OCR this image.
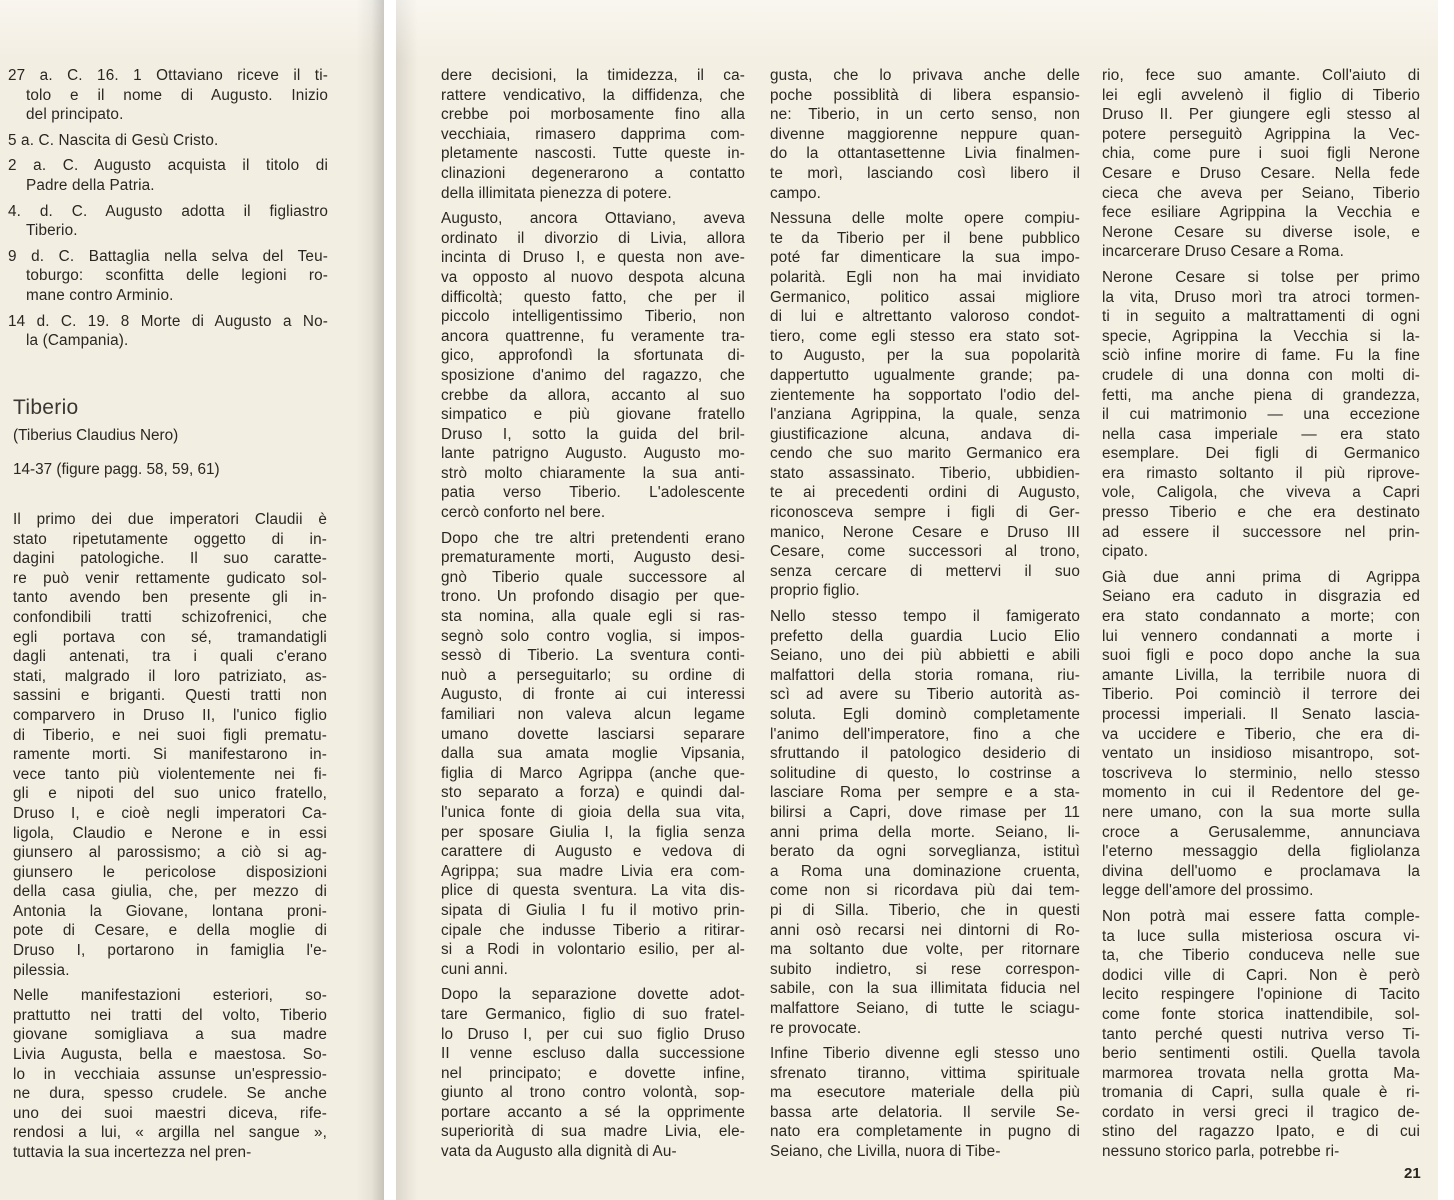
27 a. C. 16. 1 Ottaviano riceve il ti-
tolo e il nome di Augusto. Inizio
del principato.

5 a. C. Nascita di Gesù Cristo.

2 a. C. Augusto acquista il titolo di
Padre della Patria.

4. d. C. Augusto adotta il figliastro
Tiberio.

9 d. C. Battaglia nella selva del Teu-
toburgo: sconfitta delle legioni ro-
mane contro Arminio.

14 d. C. 19. 8 Morte di Augusto a No-
la (Campania).

Tiberio

(Tiberius Claudius Nero)

14-37 (figure pagg. 58, 59, 61)

Il primo dei due imperatori Claudii è
stato ripetutamente oggetto di in-
dagini patologiche. Il suo caratte-
re può venir rettamente gudicato sol-
tanto avendo ben presente gli in-
confondibili tratti schizofrenici, che
egli portava con sé, tramandatigli
dagli antenati, tra i quali c'erano
stati, malgrado il loro patriziato, as-
sassini e briganti. Questi tratti non
comparvero in Druso II, l'unico figlio
di Tiberio, e nei suoi figli prematu-
ramente morti. Si manifestarono in-
vece tanto più violentemente nei fi-
gli e nipoti del suo unico fratello,
Druso I, e cioè negli imperatori Ca-
ligola, Claudio e Nerone e in essi
giunsero al parossismo; a ciò si ag-
giunsero le pericolose disposizioni
della casa giulia, che, per mezzo di
Antonia la Giovane, lontana proni-
pote di Cesare, e della moglie di
Druso I, portarono in famiglia l'e-
pilessia.

Nelle manifestazioni esteriori, so-
prattutto nei tratti del volto, Tiberio
giovane somigliava a sua madre
Livia Augusta, bella e maestosa. So-
lo in vecchiaia assunse un'espressio-
ne dura, spesso crudele. Se anche
uno dei suoi maestri diceva, rife-
rendosi a lui, « argilla nel sangue »,
tuttavia la sua incertezza nel pren-

dere decisioni, la timidezza, il ca-
rattere vendicativo, la diffidenza, che
crebbe poi morbosamente fino alla
vecchiaia, rimasero dapprima com-
pletamente nascosti. Tutte queste in-
clinazioni degenerarono a contatto
della illimitata pienezza di potere.

Augusto, ancora Ottaviano, aveva
ordinato il divorzio di Livia, allora
incinta di Druso I, e questa non ave-
va opposto al nuovo despota alcuna
difficoltà; questo fatto, che per il
piccolo intelligentissimo Tiberio, non
ancora quattrenne, fu veramente tra-
gico, approfondì la sfortunata di-
sposizione d'animo del ragazzo, che
crebbe da allora, accanto al suo
simpatico e più giovane fratello
Druso I, sotto la guida del bril-
lante patrigno Augusto. Augusto mo-
strò molto chiaramente la sua anti-
patia verso Tiberio. L'adolescente
cercò conforto nel bere.

Dopo che tre altri pretendenti erano
prematuramente morti, Augusto desi-
gnò Tiberio quale successore al
trono. Un profondo disagio per que-
sta nomina, alla quale egli si ras-
segnò solo contro voglia, si impos-
sessò di Tiberio. La sventura conti-
nuò a perseguitarlo; su ordine di
Augusto, di fronte ai cui interessi
familiari non valeva alcun legame
umano dovette lasciarsi separare
dalla sua amata moglie Vipsania,
figlia di Marco Agrippa (anche que-
sto separato a forza) e quindi dal-
l'unica fonte di gioia della sua vita,
per sposare Giulia I, la figlia senza
carattere di Augusto e vedova di
Agrippa; sua madre Livia era com-
plice di questa sventura. La vita dis-
sipata di Giulia I fu il motivo prin-
cipale che indusse Tiberio a ritirar-
si a Rodi in volontario esilio, per al-
cuni anni.

Dopo la separazione dovette adot-
tare Germanico, figlio di suo fratel-
lo Druso I, per cui suo figlio Druso
II venne escluso dalla successione
nel principato; e dovette infine,
giunto al trono contro volontà, sop-
portare accanto a sé la opprimente
superiorità di sua madre Livia, ele-
vata da Augusto alla dignità di Au-

gusta, che lo privava anche delle
poche possiblità di libera espansio-
ne: Tiberio, in un certo senso, non
divenne maggiorenne neppure quan-
do la ottantasettenne Livia finalmen-
te morì, lasciando così libero il
campo.

Nessuna delle molte opere compiu-
te da Tiberio per il bene pubblico
poté far dimenticare la sua impo-
polarità. Egli non ha mai invidiato
Germanico, politico assai migliore
di lui e altrettanto valoroso condot-
tiero, come egli stesso era stato sot-
to Augusto, per la sua popolarità
dappertutto ugualmente grande; pa-
zientemente ha sopportato l'odio del-
l'anziana Agrippina, la quale, senza
giustificazione alcuna, andava di-
cendo che suo marito Germanico era
stato assassinato. Tiberio, ubbidien-
te ai precedenti ordini di Augusto,
riconosceva sempre i figli di Ger-
manico, Nerone Cesare e Druso III
Cesare, come successori al trono,
senza cercare di mettervi il suo
proprio figlio.

Nello stesso tempo il famigerato
prefetto della guardia Lucio Elio
Seiano, uno dei più abbietti e abili
malfattori della storia romana, riu-
scì ad avere su Tiberio autorità as-
soluta. Egli dominò completamente
l'animo dell'imperatore, fino a che
sfruttando il patologico desiderio di
solitudine di questo, lo costrinse a
lasciare Roma per sempre e a sta-
bilirsi a Capri, dove rimase per 11
anni prima della morte. Seiano, li-
berato da ogni sorveglianza, istituì
a Roma una dominazione cruenta,
come non si ricordava più dai tem-
pi di Silla. Tiberio, che in questi
anni osò recarsi nei dintorni di Ro-
ma soltanto due volte, per ritornare
subito indietro, si rese correspon-
sabile, con la sua illimitata fiducia nel
malfattore Seiano, di tutte le sciagu-
re provocate.

Infine Tiberio divenne egli stesso uno
sfrenato tiranno, vittima spirituale
ma esecutore materiale della più
bassa arte delatoria. Il servile Se-
nato era completamente in pugno di
Seiano, che Livilla, nuora di Tibe-

rio, fece suo amante. Coll'aiuto di
lei egli avvelenò il figlio di Tiberio
Druso II. Per giungere egli stesso al
potere perseguitò Agrippina la Vec-
chia, come pure i suoi figli Nerone
Cesare e Druso Cesare. Nella fede
cieca che aveva per Seiano, Tiberio
fece esiliare Agrippina la Vecchia e
Nerone Cesare su diverse isole, e
incarcerare Druso Cesare a Roma.

Nerone Cesare si tolse per primo
la vita, Druso morì tra atroci tormen-
ti in seguito a maltrattamenti di ogni
specie, Agrippina la Vecchia si la-
sciò infine morire di fame. Fu la fine
crudele di una donna con molti di-
fetti, ma anche piena di grandezza,
il cui matrimonio — una eccezione
nella casa imperiale — era stato
esemplare. Dei figli di Germanico
era rimasto soltanto il più riprove-
vole, Caligola, che viveva a Capri
presso Tiberio e che era destinato
ad essere il successore nel prin-
cipato.

Già due anni prima di Agrippa
Seiano era caduto in disgrazia ed
era stato condannato a morte; con
lui vennero condannati a morte i
suoi figli e poco dopo anche la sua
amante Livilla, la terribile nuora di
Tiberio. Poi cominciò il terrore dei
processi imperiali. Il Senato lascia-
va uccidere e Tiberio, che era di-
ventato un insidioso misantropo, sot-
toscriveva lo sterminio, nello stesso
momento in cui il Redentore del ge-
nere umano, con la sua morte sulla
croce a Gerusalemme, annunciava
l'eterno messaggio della figliolanza
divina dell'uomo e proclamava la
legge dell'amore del prossimo.

Non potrà mai essere fatta comple-
ta luce sulla misteriosa oscura vi-
ta, che Tiberio conduceva nelle sue
dodici ville di Capri. Non è però
lecito respingere l'opinione di Tacito
come fonte storica inattendibile, sol-
tanto perché questi nutriva verso Ti-
berio sentimenti ostili. Quella tavola
marmorea trovata nella grotta Ma-
tromania di Capri, sulla quale è ri-
cordato in versi greci il tragico de-
stino del ragazzo Ipato, e di cui
nessuno storico parla, potrebbe ri-

21
